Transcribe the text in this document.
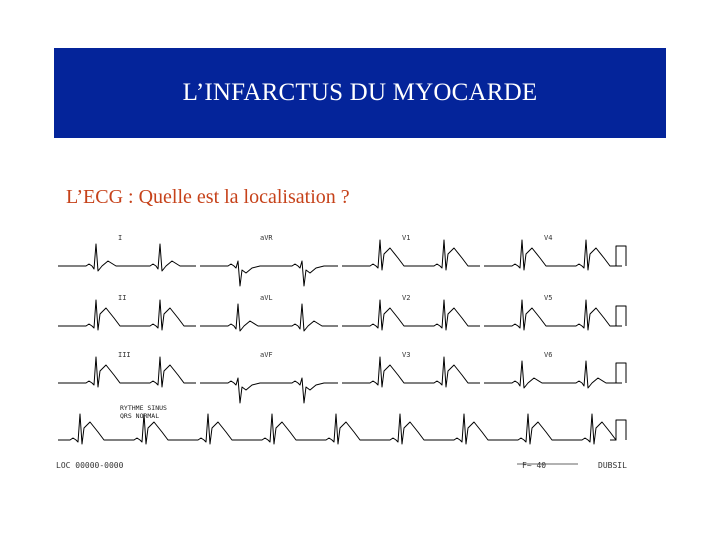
L’INFARCTUS DU MYOCARDE
L’ECG : Quelle est la localisation ?
I	aVR	V1	V4
II	aVL	V2	V5
III	aVF	V3	V6
RYTHME SINUS
QRS NORMAL
LOC 00000-0000	F~ 40	DUBSIL
